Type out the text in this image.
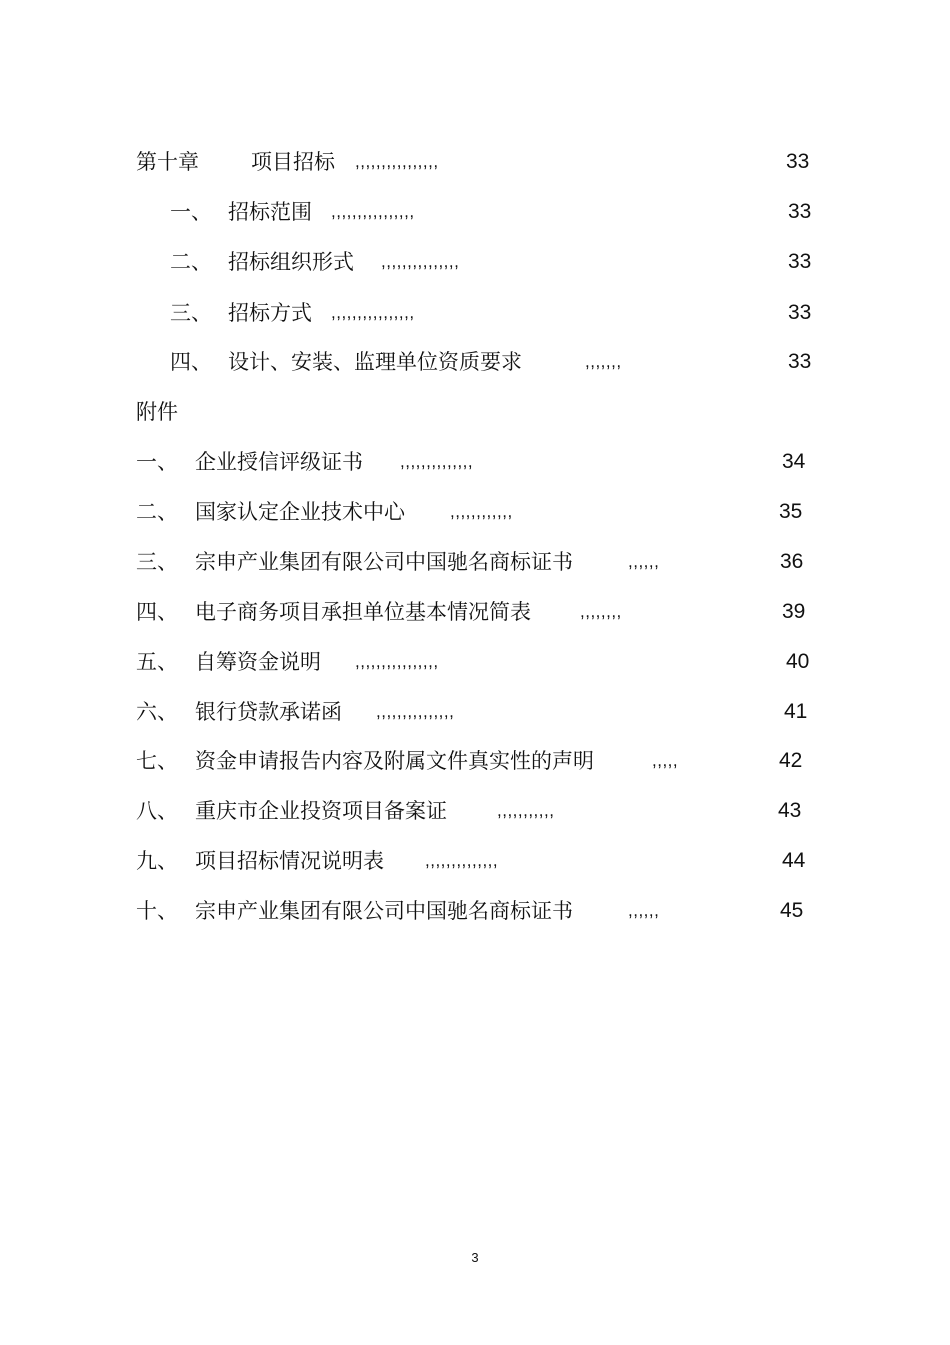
第十章 项目招标 ,,,,,,,,,,,,,,,,	33
一、 招标范围 ,,,,,,,,,,,,,,,,	33
二、 招标组织形式 ,,,,,,,,,,,,,,,	33
三、 招标方式 ,,,,,,,,,,,,,,,,	33
四、 设计、安装、监理单位资质要求	,,,,,,,	33
附件
一、 企业授信评级证书 ,,,,,,,,,,,,,,	34
二、 国家认定企业技术中心	,,,,,,,,,,,,	35
三、 宗申产业集团有限公司中国驰名商标证书	,,,,,,	36
四、 电子商务项目承担单位基本情况简表	,,,,,,,,	39
五、 自筹资金说明 ,,,,,,,,,,,,,,,,	40
六、 银行贷款承诺函 ,,,,,,,,,,,,,,,	41
七、 资金申请报告内容及附属文件真实性的声明	,,,,,	42
八、 重庆市企业投资项目备案证	,,,,,,,,,,,	43
九、 项目招标情况说明表 ,,,,,,,,,,,,,,	44
十、 宗申产业集团有限公司中国驰名商标证书	,,,,,,	45
3
